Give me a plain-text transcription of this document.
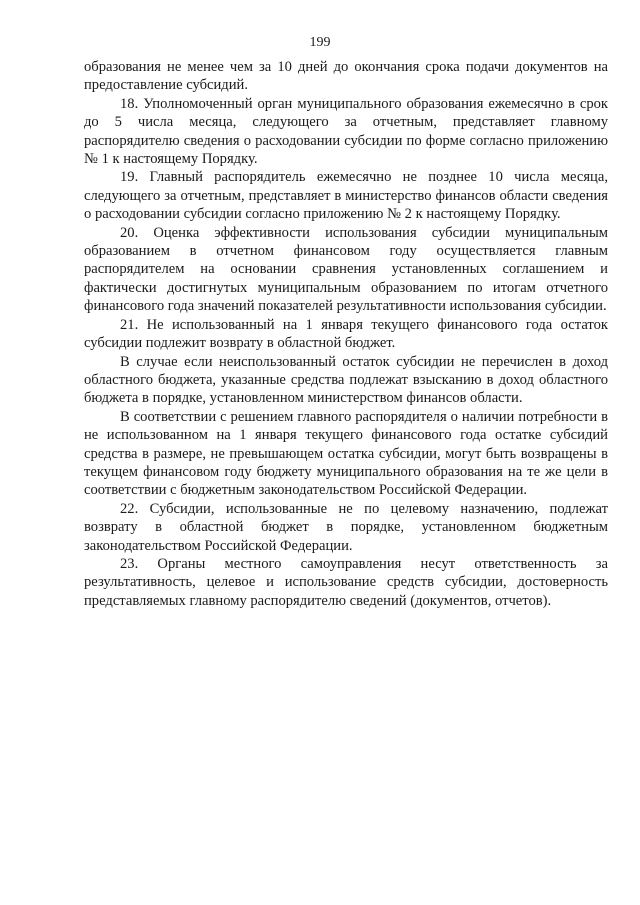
199

образования не менее чем за 10 дней до окончания срока подачи документов на предоставление субсидий.

18. Уполномоченный орган муниципального образования ежемесячно в срок до 5 числа месяца, следующего за отчетным, представляет главному распорядителю сведения о расходовании субсидии по форме согласно приложению № 1 к настоящему Порядку.

19. Главный распорядитель ежемесячно не позднее 10 числа месяца, следующего за отчетным, представляет в министерство финансов области сведения о расходовании субсидии согласно приложению № 2 к настоящему Порядку.

20. Оценка эффективности использования субсидии муниципальным образованием в отчетном финансовом году осуществляется главным распорядителем на основании сравнения установленных соглашением и фактически достигнутых муниципальным образованием по итогам отчетного финансового года значений показателей результативности использования субсидии.

21. Не использованный на 1 января текущего финансового года остаток субсидии подлежит возврату в областной бюджет.

В случае если неиспользованный остаток субсидии не перечислен в доход областного бюджета, указанные средства подлежат взысканию в доход областного бюджета в порядке, установленном министерством финансов области.

В соответствии с решением главного распорядителя о наличии потребности в не использованном на 1 января текущего финансового года остатке субсидий средства в размере, не превышающем остатка субсидии, могут быть возвращены в текущем финансовом году бюджету муниципального образования на те же цели в соответствии с бюджетным законодательством Российской Федерации.

22. Субсидии, использованные не по целевому назначению, подлежат возврату в областной бюджет в порядке, установленном бюджетным законодательством Российской Федерации.

23. Органы местного самоуправления несут ответственность за результативность, целевое и использование средств субсидии, достоверность представляемых главному распорядителю сведений (документов, отчетов).
